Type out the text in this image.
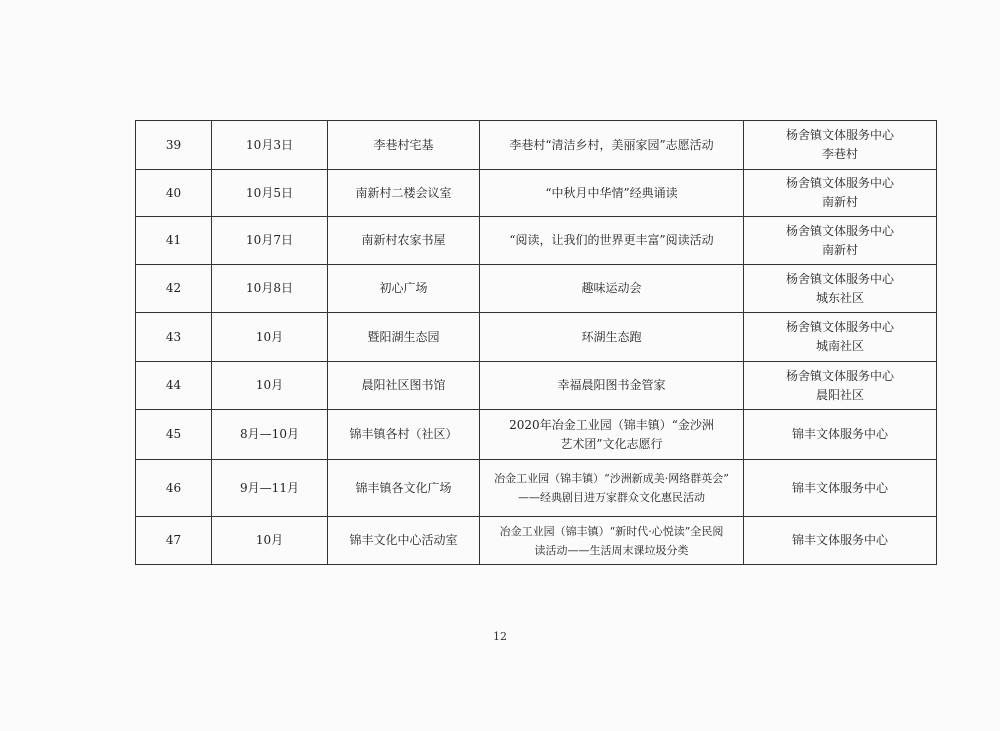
39	10月3日	李巷村宅基	李巷村“清洁乡村，美丽家园”志愿活动	杨舍镇文体服务中心
李巷村

40	10月5日	南新村二楼会议室	“中秋月中华情”经典诵读	杨舍镇文体服务中心
南新村

41	10月7日	南新村农家书屋	“阅读，让我们的世界更丰富”阅读活动	杨舍镇文体服务中心
南新村

42	10月8日	初心广场	趣味运动会	杨舍镇文体服务中心
城东社区

43	10月	暨阳湖生态园	环湖生态跑	杨舍镇文体服务中心
城南社区

44	10月	晨阳社区图书馆	幸福晨阳图书金管家	杨舍镇文体服务中心
晨阳社区

45	8月—10月	锦丰镇各村（社区）	2020年冶金工业园（锦丰镇）“金沙洲
艺术团”文化志愿行	锦丰文体服务中心

46	9月—11月	锦丰镇各文化广场	冶金工业园（锦丰镇）“沙洲新成美·网络群英会”
——经典剧目进万家群众文化惠民活动	锦丰文体服务中心

47	10月	锦丰文化中心活动室	冶金工业园（锦丰镇）“新时代·心悦读”全民阅
读活动——生活周末课垃圾分类	锦丰文体服务中心
12
